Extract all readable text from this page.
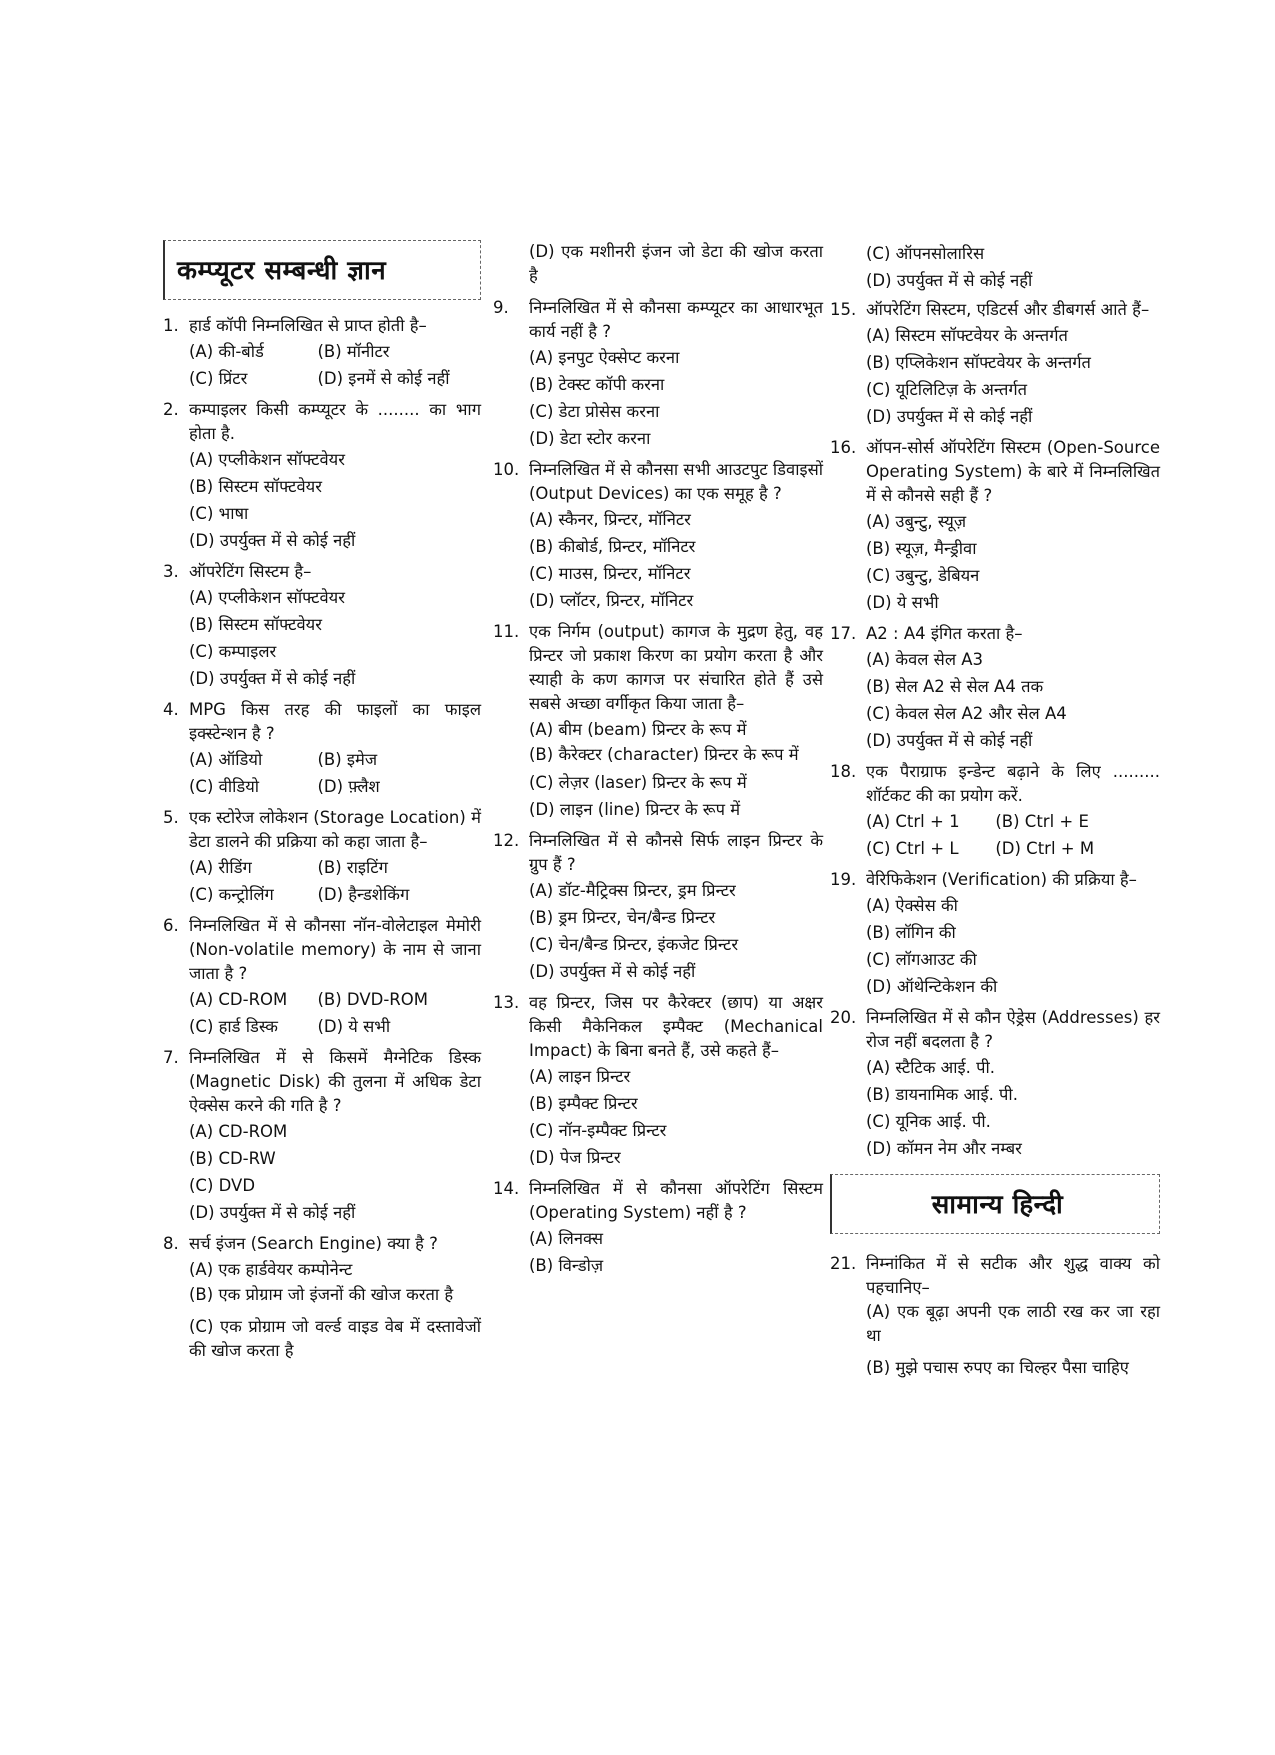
कम्प्यूटर सम्बन्धी ज्ञान
1. हार्ड कॉपी निम्नलिखित से प्राप्त होती है–
(A) की-बोर्ड	(B) मॉनीटर
(C) प्रिंटर	(D) इनमें से कोई नहीं
2. कम्पाइलर किसी कम्प्यूटर के ........ का भाग होता है.
(A) एप्लीकेशन सॉफ्टवेयर
(B) सिस्टम सॉफ्टवेयर
(C) भाषा
(D) उपर्युक्त में से कोई नहीं
3. ऑपरेटिंग सिस्टम है–
(A) एप्लीकेशन सॉफ्टवेयर
(B) सिस्टम सॉफ्टवेयर
(C) कम्पाइलर
(D) उपर्युक्त में से कोई नहीं
4. MPG किस तरह की फाइलों का फाइल इक्स्टेन्शन है ?
(A) ऑडियो	(B) इमेज
(C) वीडियो	(D) फ़्लैश
5. एक स्टोरेज लोकेशन (Storage Location) में डेटा डालने की प्रक्रिया को कहा जाता है–
(A) रीडिंग	(B) राइटिंग
(C) कन्ट्रोलिंग	(D) हैन्डशेकिंग
6. निम्नलिखित में से कौनसा नॉन-वोलेटाइल मेमोरी (Non-volatile memory) के नाम से जाना जाता है ?
(A) CD-ROM	(B) DVD-ROM
(C) हार्ड डिस्क	(D) ये सभी
7. निम्नलिखित में से किसमें मैग्नेटिक डिस्क (Magnetic Disk) की तुलना में अधिक डेटा ऐक्सेस करने की गति है ?
(A) CD-ROM
(B) CD-RW
(C) DVD
(D) उपर्युक्त में से कोई नहीं
8. सर्च इंजन (Search Engine) क्या है ?
(A) एक हार्डवेयर कम्पोनेन्ट
(B) एक प्रोग्राम जो इंजनों की खोज करता है
(C) एक प्रोग्राम जो वर्ल्ड वाइड वेब में दस्तावेजों की खोज करता है
(D) एक मशीनरी इंजन जो डेटा की खोज करता है
9.	निम्नलिखित में से कौनसा कम्प्यूटर का आधारभूत कार्य नहीं है ?
(A) इनपुट ऐक्सेप्ट करना
(B) टेक्स्ट कॉपी करना
(C) डेटा प्रोसेस करना
(D) डेटा स्टोर करना
10. निम्नलिखित में से कौनसा सभी आउटपुट डिवाइसों (Output Devices) का एक समूह है ?
(A) स्कैनर, प्रिन्टर, मॉनिटर
(B) कीबोर्ड, प्रिन्टर, मॉनिटर
(C) माउस, प्रिन्टर, मॉनिटर
(D) प्लॉटर, प्रिन्टर, मॉनिटर
11. एक निर्गम (output) कागज के मुद्रण हेतु, वह प्रिन्टर जो प्रकाश किरण का प्रयोग करता है और स्याही के कण कागज पर संचारित होते हैं उसे सबसे अच्छा वर्गीकृत किया जाता है–
(A) बीम (beam) प्रिन्टर के रूप में
(B) कैरेक्टर (character) प्रिन्टर के रूप में
(C) लेज़र (laser) प्रिन्टर के रूप में
(D) लाइन (line) प्रिन्टर के रूप में
12. निम्नलिखित में से कौनसे सिर्फ लाइन प्रिन्टर के ग्रुप हैं ?
(A) डॉट-मैट्रिक्स प्रिन्टर, ड्रम प्रिन्टर
(B) ड्रम प्रिन्टर, चेन/बैन्ड प्रिन्टर
(C) चेन/बैन्ड प्रिन्टर, इंकजेट प्रिन्टर
(D) उपर्युक्त में से कोई नहीं
13. वह प्रिन्टर, जिस पर कैरेक्टर (छाप) या अक्षर किसी मैकेनिकल इम्पैक्ट (Mechanical Impact) के बिना बनते हैं, उसे कहते हैं–
(A) लाइन प्रिन्टर
(B) इम्पैक्ट प्रिन्टर
(C) नॉन-इम्पैक्ट प्रिन्टर
(D) पेज प्रिन्टर
14. निम्नलिखित में से कौनसा ऑपरेटिंग सिस्टम (Operating System) नहीं है ?
(A) लिनक्स
(B) विन्डोज़
(C) ऑपनसोलारिस
(D) उपर्युक्त में से कोई नहीं
15. ऑपरेटिंग सिस्टम, एडिटर्स और डीबगर्स आते हैं–
(A) सिस्टम सॉफ्टवेयर के अन्तर्गत
(B) एप्लिकेशन सॉफ्टवेयर के अन्तर्गत
(C) यूटिलिटिज़ के अन्तर्गत
(D) उपर्युक्त में से कोई नहीं
16. ऑपन-सोर्स ऑपरेटिंग सिस्टम (Open-Source Operating System) के बारे में निम्नलिखित में से कौनसे सही हैं ?
(A) उबुन्टु, स्यूज़
(B) स्यूज़, मैन्ड्रीवा
(C) उबुन्टु, डेबियन
(D) ये सभी
17. A2 : A4 इंगित करता है–
(A) केवल सेल A3
(B) सेल A2 से सेल A4 तक
(C) केवल सेल A2 और सेल A4
(D) उपर्युक्त में से कोई नहीं
18. एक पैराग्राफ इन्डेन्ट बढ़ाने के लिए ......... शॉर्टकट की का प्रयोग करें.
(A) Ctrl + 1	(B) Ctrl + E
(C) Ctrl + L	(D) Ctrl + M
19. वेरिफिकेशन (Verification) की प्रक्रिया है–
(A) ऐक्सेस की
(B) लॉगिन की
(C) लॉगआउट की
(D) ऑथेन्टिकेशन की
20. निम्नलिखित में से कौन ऐड्रेस (Addresses) हर रोज नहीं बदलता है ?
(A) स्टैटिक आई. पी.
(B) डायनामिक आई. पी.
(C) यूनिक आई. पी.
(D) कॉमन नेम और नम्बर
सामान्य हिन्दी
21. निम्नांकित में से सटीक और शुद्ध वाक्य को पहचानिए–
(A) एक बूढ़ा अपनी एक लाठी रख कर जा रहा था
(B) मुझे पचास रुपए का चिल्हर पैसा चाहिए
